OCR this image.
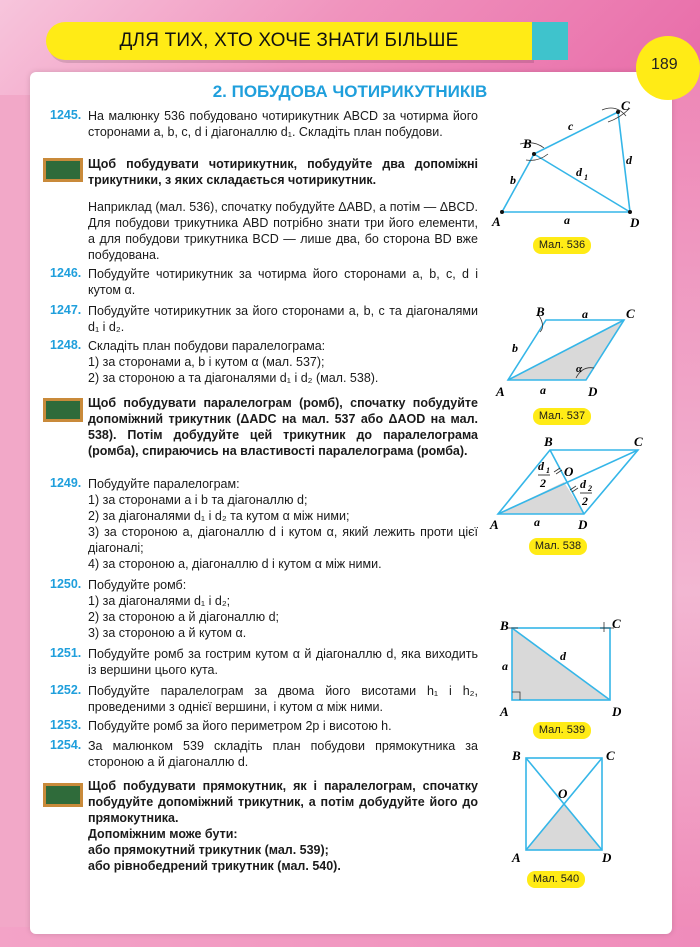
ДЛЯ ТИХ, ХТО ХОЧЕ ЗНАТИ БІЛЬШЕ
189
2. ПОБУДОВА ЧОТИРИКУТНИКІВ
1245. На малюнку 536 побудовано чотирикутник ABCD за чотирма його сторонами a, b, c, d і діагоналлю d₁. Складіть план побудови.
Щоб побудувати чотирикутник, побудуйте два допоміжні трикутники, з яких складається чотирикутник.
Наприклад (мал. 536), спочатку побудуйте ΔABD, а потім — ΔBCD. Для побудови трикутника ABD потрібно знати три його елементи, а для побудови трикутника BCD — лише два, бо сторона BD вже побудована.
1246. Побудуйте чотирикутник за чотирма його сторонами a, b, c, d і кутом α.
1247. Побудуйте чотирикутник за його сторонами a, b, c та діагоналями d₁ і d₂.
1248. Складіть план побудови паралелограма:
1) за сторонами a, b і кутом α (мал. 537);
2) за стороною a та діагоналями d₁ і d₂ (мал. 538).
Щоб побудувати паралелограм (ромб), спочатку побудуйте допоміжний трикутник (ΔADC на мал. 537 або ΔAOD на мал. 538). Потім добудуйте цей трикутник до паралелограма (ромба), спираючись на властивості паралелограма (ромба).
1249. Побудуйте паралелограм:
1) за сторонами a і b та діагоналлю d;
2) за діагоналями d₁ і d₂ та кутом α між ними;
3) за стороною a, діагоналлю d і кутом α, який лежить проти цієї діагоналі;
4) за стороною a, діагоналлю d і кутом α між ними.
1250. Побудуйте ромб:
1) за діагоналями d₁ і d₂;
2) за стороною a й діагоналлю d;
3) за стороною a й кутом α.
1251. Побудуйте ромб за гострим кутом α й діагоналлю d, яка виходить із вершини цього кута.
1252. Побудуйте паралелограм за двома його висотами h₁ і h₂, проведеними з однієї вершини, і кутом α між ними.
1253. Побудуйте ромб за його периметром 2p і висотою h.
1254. За малюнком 539 складіть план побудови прямокутника за стороною a й діагоналлю d.
Щоб побудувати прямокутник, як і паралелограм, спочатку побудуйте допоміжний трикутник, а потім добудуйте його до прямокутника.
Допоміжним може бути:
або прямокутний трикутник (мал. 539);
або рівнобедрений трикутник (мал. 540).
A	D
C
B
a
b
c
d
d 1
Мал. 536
A	D
C
B	a
a
b
α
Мал. 537
A	D
C
B
O
a
d 1
2	d 2
2
Мал. 538
A	D
C
B
a
d
Мал. 539
A	D
C
B
O
Мал. 540
